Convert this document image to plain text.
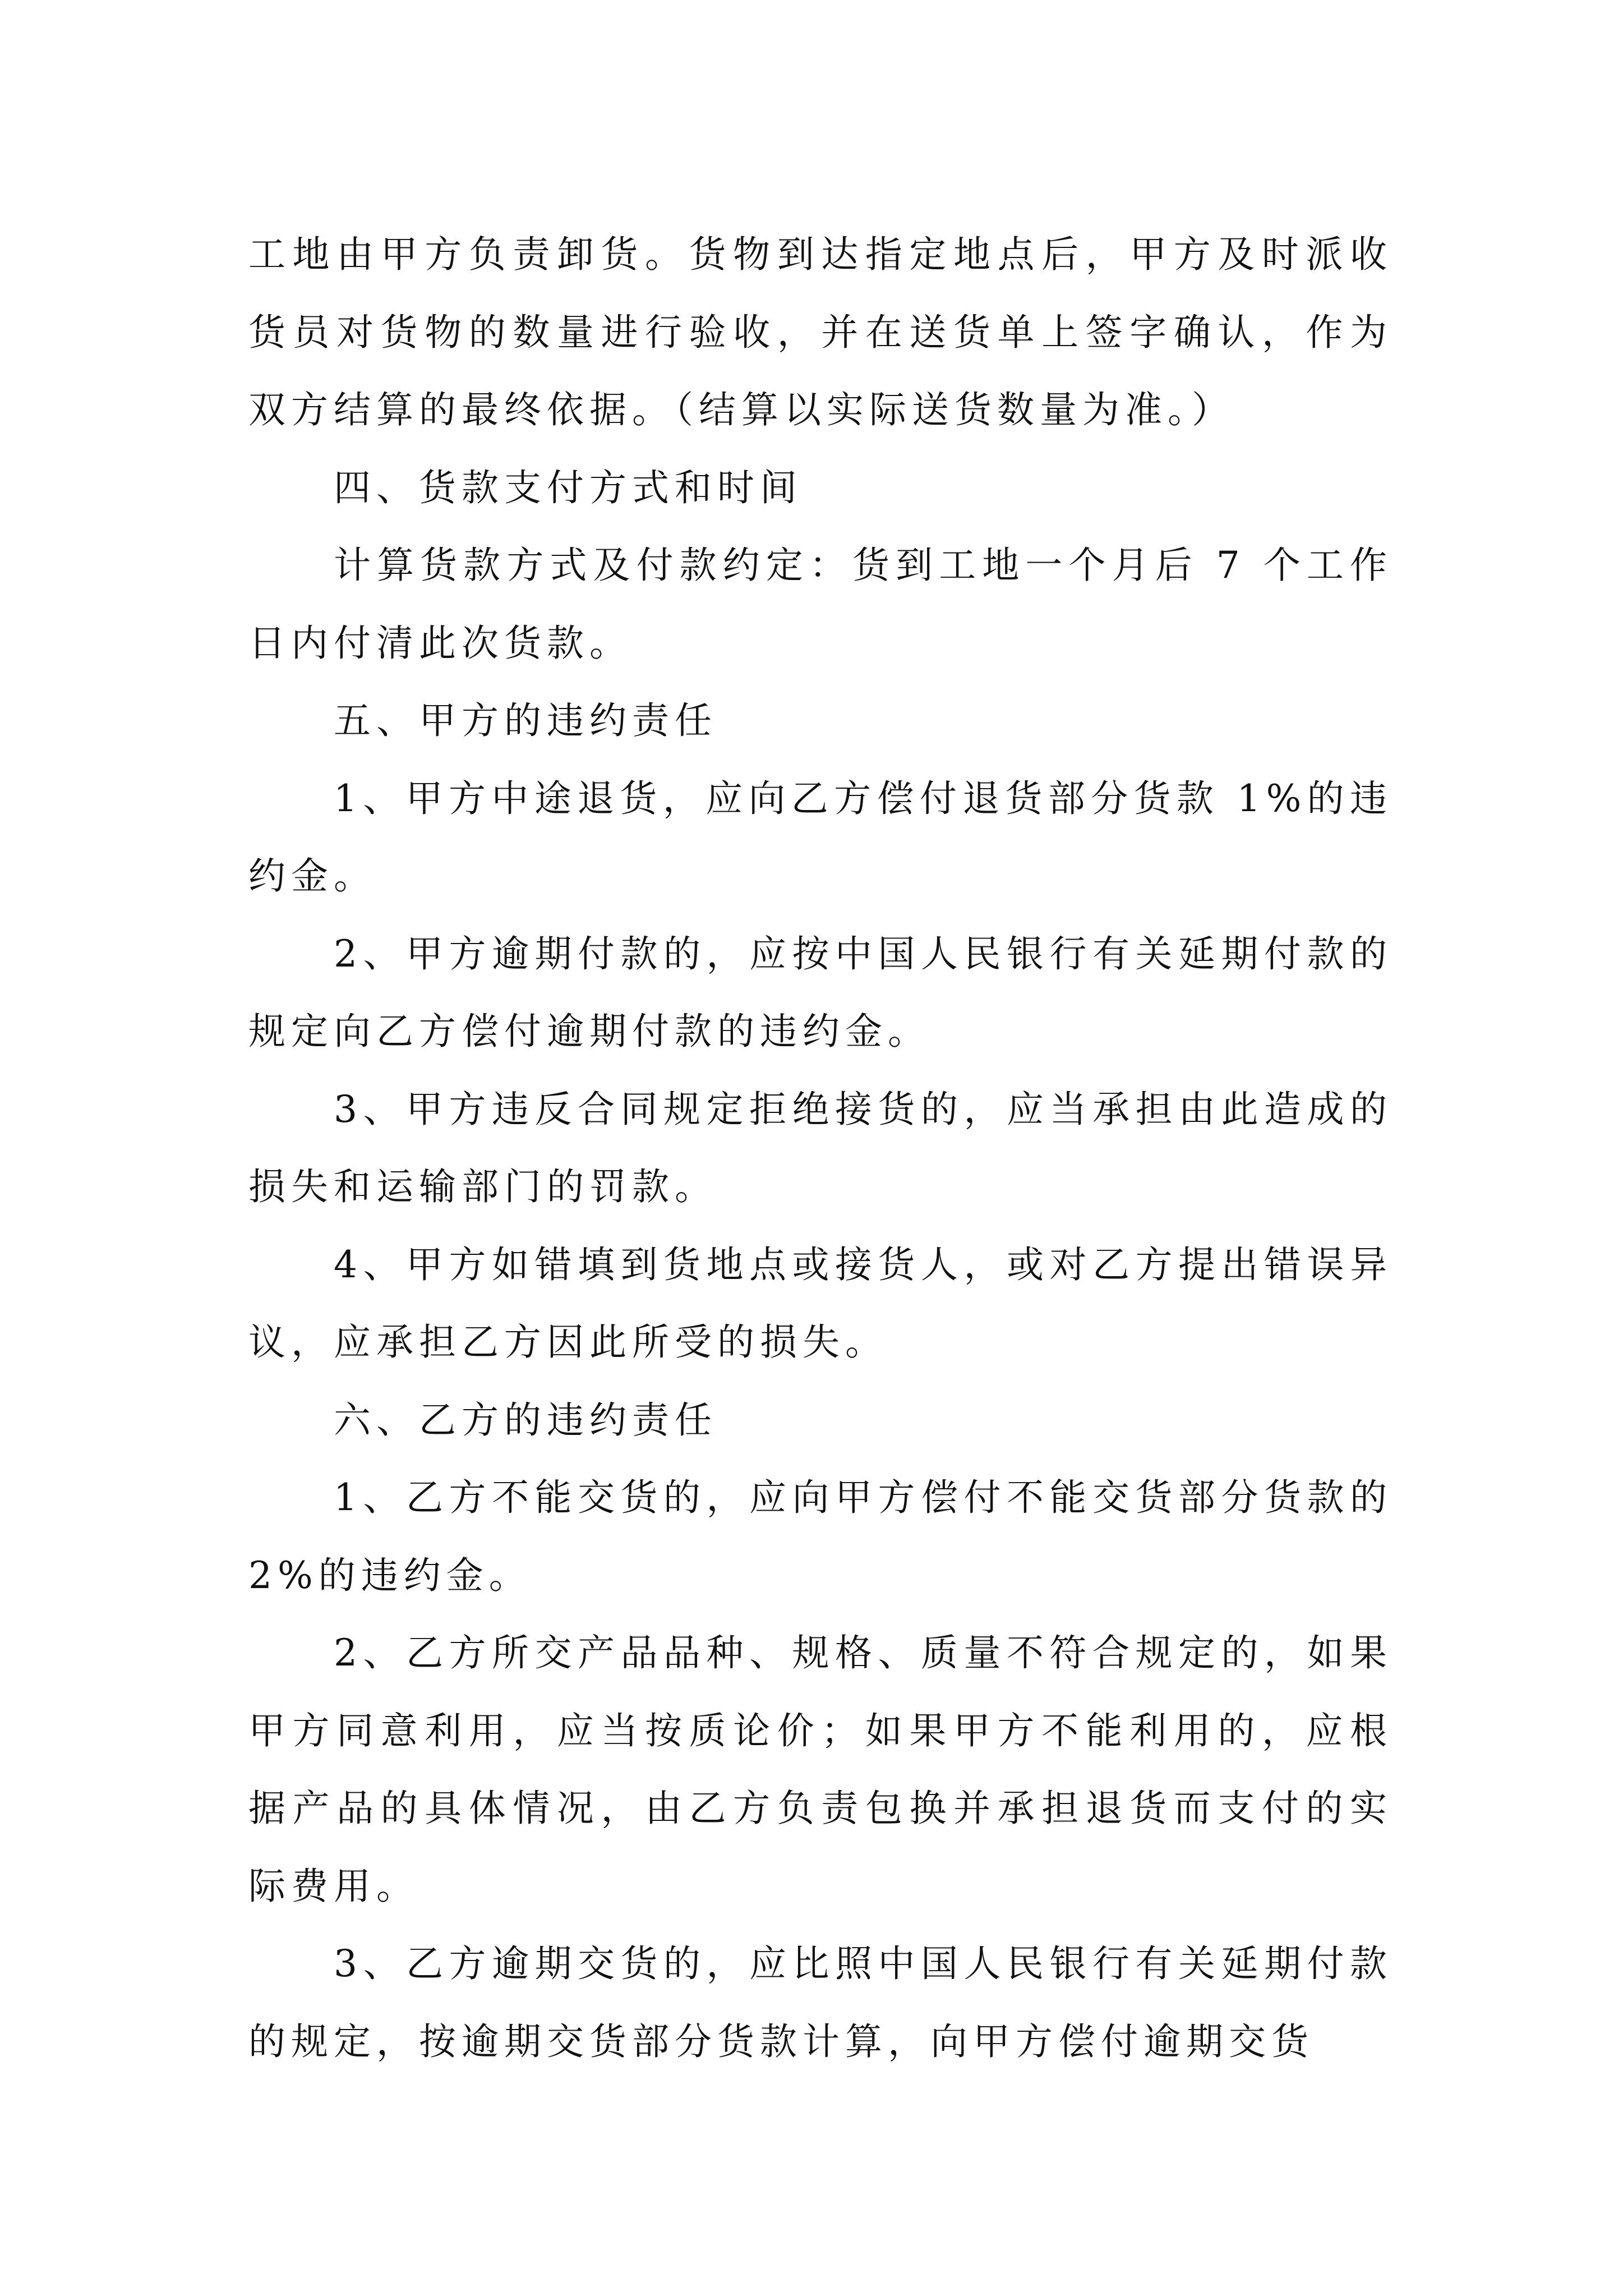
工地由甲方负责卸货。货物到达指定地点后，甲方及时派收货员对货物的数量进行验收，并在送货单上签字确认，作为双方结算的最终依据。（结算以实际送货数量为准。）

四、货款支付方式和时间

计算货款方式及付款约定：货到工地一个月后 7 个工作日内付清此次货款。

五、甲方的违约责任

1、甲方中途退货，应向乙方偿付退货部分货款 1%的违约金。

2、甲方逾期付款的，应按中国人民银行有关延期付款的规定向乙方偿付逾期付款的违约金。

3、甲方违反合同规定拒绝接货的，应当承担由此造成的损失和运输部门的罚款。

4、甲方如错填到货地点或接货人，或对乙方提出错误异议，应承担乙方因此所受的损失。

六、乙方的违约责任

1、乙方不能交货的，应向甲方偿付不能交货部分货款的 2%的违约金。

2、乙方所交产品品种、规格、质量不符合规定的，如果甲方同意利用，应当按质论价；如果甲方不能利用的，应根据产品的具体情况，由乙方负责包换并承担退货而支付的实际费用。

3、乙方逾期交货的，应比照中国人民银行有关延期付款的规定，按逾期交货部分货款计算，向甲方偿付逾期交货
